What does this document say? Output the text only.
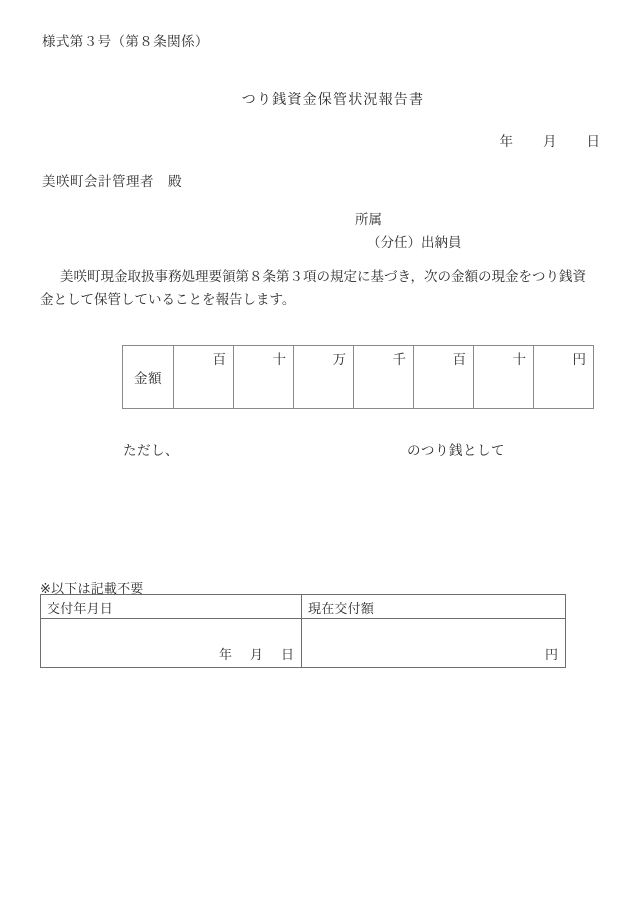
様式第３号（第８条関係）
つり銭資金保管状況報告書
年 月 日
美咲町会計管理者 殿
所属
（分任）出納員
美咲町現金取扱事務処理要領第８条第３項の規定に基づき，次の金額の現金をつり銭資金として保管していることを報告します。
金額	百	十	万	千	百	十	円
ただし、	のつり銭として
※以下は記載不要
交付年月日	現在交付額
年 月 日	円
